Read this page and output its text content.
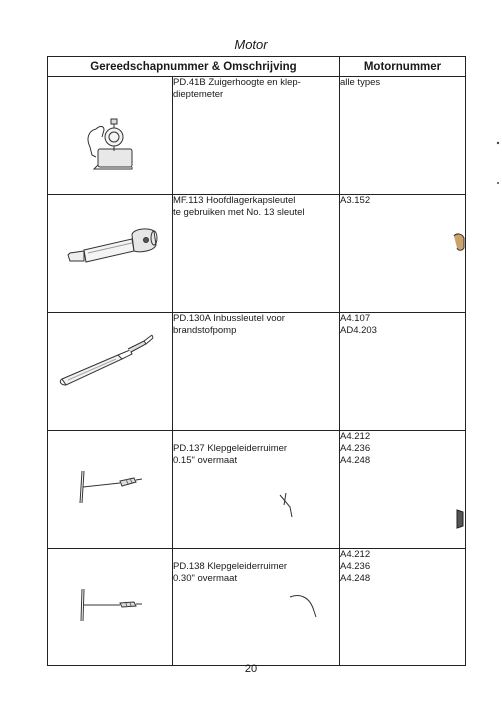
Motor
Gereedschapnummer & Omschrijving		Motornummer

	PD.41B Zuigerhoogte en klep-
dieptemeter	alle types

	MF.113 Hoofdlagerkapsleutel
te gebruiken met No. 13 sleutel	A3.152

	PD.130A Inbussleutel voor
brandstofpomp	A4.107
AD4.203

PD.137 Klepgeleiderruimer
0.15" overmaat	A4.212
A4.236
A4.248

PD.138 Klepgeleiderruimer
0.30" overmaat	A4.212
A4.236
A4.248
20
